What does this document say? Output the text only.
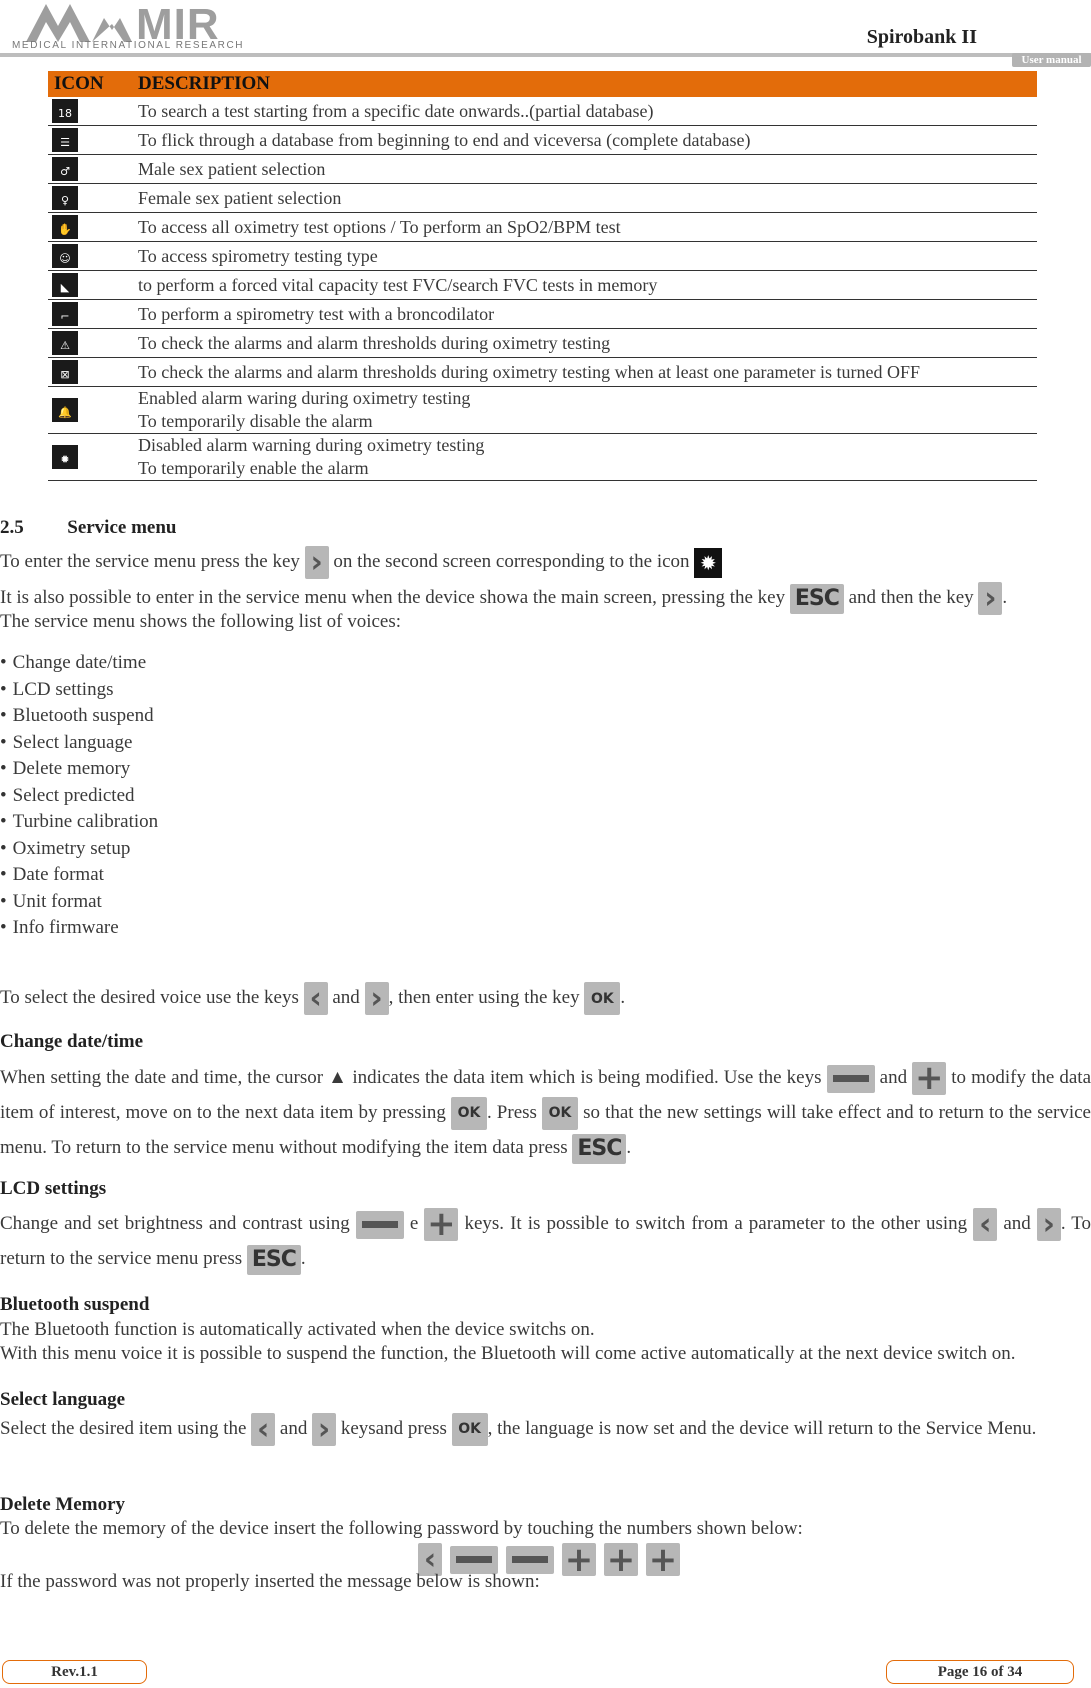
MIR
MEDICAL INTERNATIONAL RESEARCH	Spirobank II
User manual
ICON	DESCRIPTION

18	To search a test starting from a specific date onwards..(partial database)

☰	To flick through a database from beginning to end and viceversa (complete database)

♂	Male sex patient selection

♀	Female sex patient selection

✋	To access all oximetry test options / To perform an SpO2/BPM test

☺	To access spirometry testing type

◣	to perform a forced vital capacity test FVC/search FVC tests in memory

⌐	To perform a spirometry test with a broncodilator

⚠	To check the alarms and alarm thresholds during oximetry testing

⊠	To check the alarms and alarm thresholds during oximetry testing when at least one parameter is turned OFF

🔔	Enabled alarm waring during oximetry testing
To temporarily disable the alarm

✹	Disabled alarm warning during oximetry testing
To temporarily enable the alarm
2.5 Service menu
To enter the service menu press the key › on the second screen corresponding to the icon ✹
It is also possible to enter in the service menu when the device showa the main screen, pressing the key ESC and then the key › .
The service menu shows the following list of voices:
• Change date/time
• LCD settings
• Bluetooth suspend
• Select language
• Delete memory
• Select predicted
• Turbine calibration
• Oximetry setup
• Date format
• Unit format
• Info firmware
To select the desired voice use the keys ‹ and › , then enter using the key OK .
Change date/time
When setting the date and time, the cursor ▲ indicates the data item which is being modified. Use the keys	and + to modify the data item of interest, move on to the next data item by pressing OK . Press OK so that the new settings will take effect and to return to the service menu. To return to the service menu without modifying the item data press ESC .
LCD settings
Change and set brightness and contrast using	e + keys. It is possible to switch from a parameter to the other using ‹ and › . To return to the service menu press ESC .
Bluetooth suspend
The Bluetooth function is automatically activated when the device switchs on.
With this menu voice it is possible to suspend the function, the Bluetooth will come active automatically at the next device switch on.
Select language
Select the desired item using the ‹ and › keysand press OK , the language is now set and the device will return to the Service Menu.
Delete Memory
To delete the memory of the device insert the following password by touching the numbers shown below:
‹

	+
+
+
If the password was not properly inserted the message below is shown:
Rev.1.1	Page 16 of 34
